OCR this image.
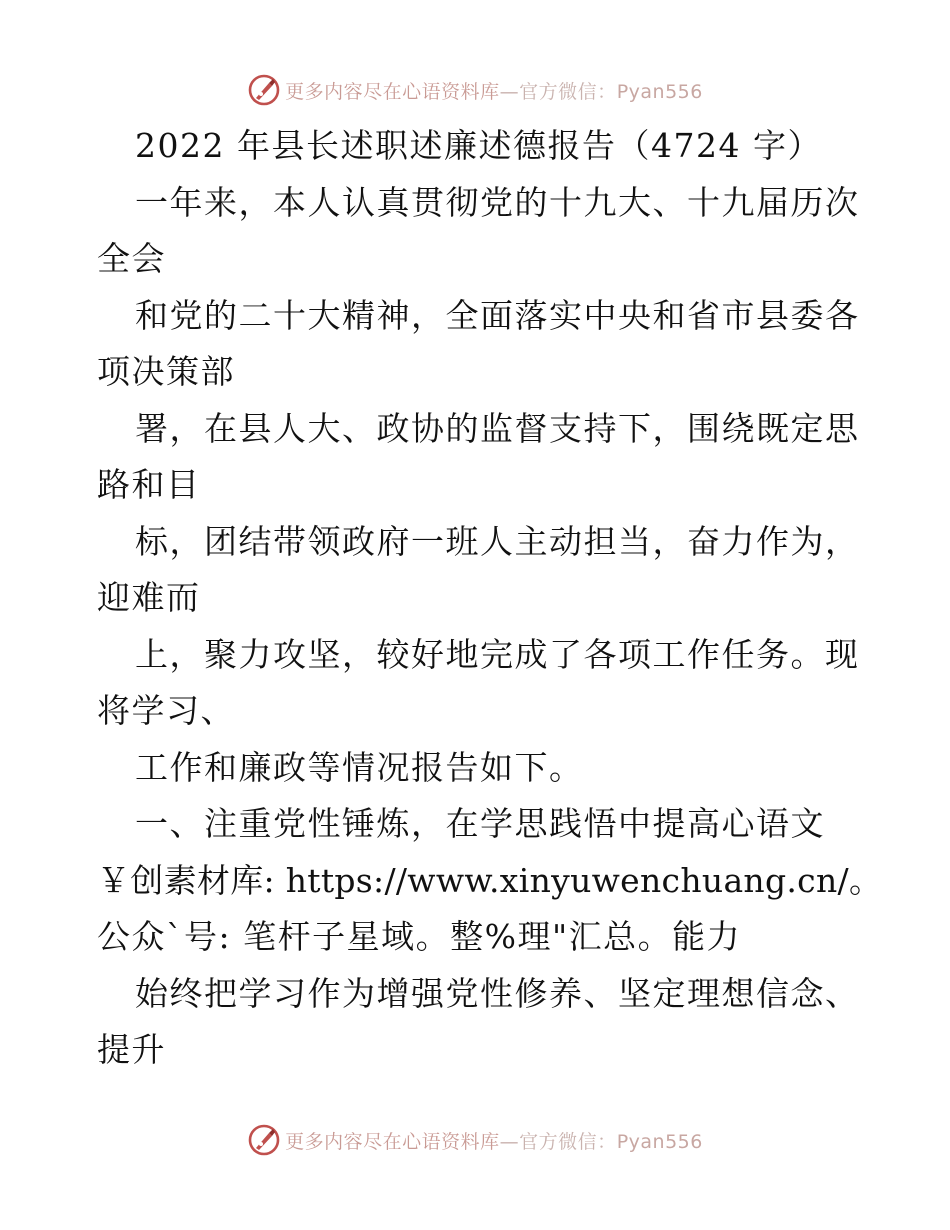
更多内容尽在心语资料库—官方微信：Pyan556
2022 年县长述职述廉述德报告（4724 字）
一年来，本人认真贯彻党的十九大、十九届历次
全会
和党的二十大精神，全面落实中央和省市县委各
项决策部
署，在县人大、政协的监督支持下，围绕既定思
路和目
标，团结带领政府一班人主动担当，奋力作为，
迎难而
上，聚力攻坚，较好地完成了各项工作任务。现
将学习、
工作和廉政等情况报告如下。
一、注重党性锤炼，在学思践悟中提高心语文
￥创素材库: https://www.xinyuwenchuang.cn/。
公众`号: 笔杆子星域。整%理"汇总。能力
始终把学习作为增强党性修养、坚定理想信念、
提升
更多内容尽在心语资料库—官方微信：Pyan556
